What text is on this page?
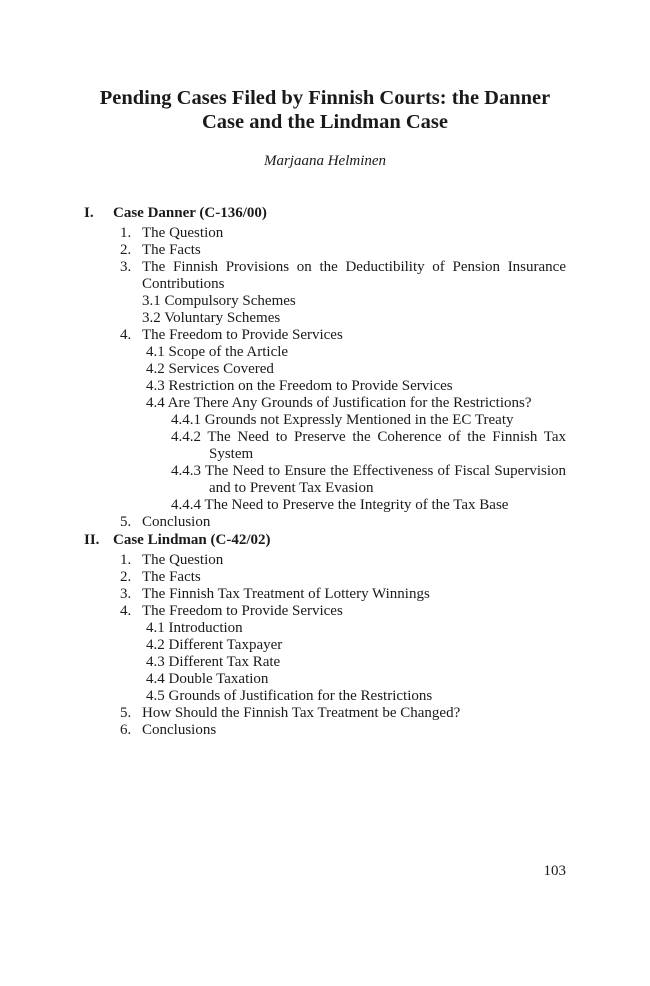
Pending Cases Filed by Finnish Courts: the Danner Case and the Lindman Case
Marjaana Helminen
I.	Case Danner (C-136/00)
1. The Question
2. The Facts
3. The Finnish Provisions on the Deductibility of Pension Insurance Contributions
3.1 Compulsory Schemes
3.2 Voluntary Schemes
4. The Freedom to Provide Services
4.1 Scope of the Article
4.2 Services Covered
4.3 Restriction on the Freedom to Provide Services
4.4 Are There Any Grounds of Justification for the Restrictions?
4.4.1 Grounds not Expressly Mentioned in the EC Treaty
4.4.2 The Need to Preserve the Coherence of the Finnish Tax System
4.4.3 The Need to Ensure the Effectiveness of Fiscal Supervision and to Prevent Tax Evasion
4.4.4 The Need to Preserve the Integrity of the Tax Base
5. Conclusion
II. Case Lindman (C-42/02)
1. The Question
2. The Facts
3. The Finnish Tax Treatment of Lottery Winnings
4. The Freedom to Provide Services
4.1 Introduction
4.2 Different Taxpayer
4.3 Different Tax Rate
4.4 Double Taxation
4.5 Grounds of Justification for the Restrictions
5. How Should the Finnish Tax Treatment be Changed?
6. Conclusions
103
